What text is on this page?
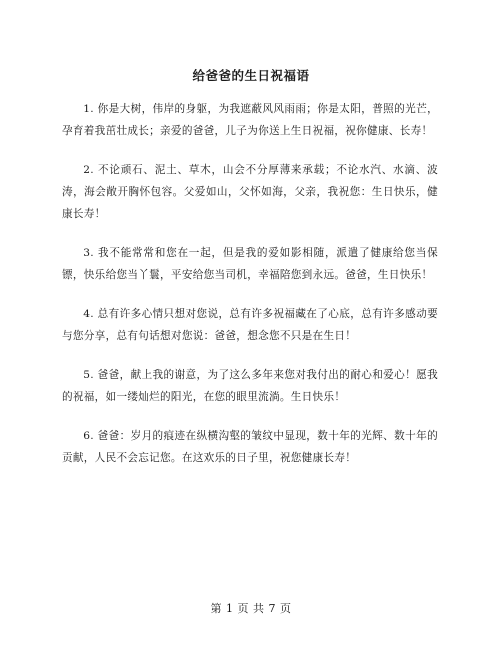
给爸爸的生日祝福语

1. 你是大树，伟岸的身躯，为我遮蔽风风雨雨；你是太阳，普照的光芒，孕育着我茁壮成长；亲爱的爸爸，儿子为你送上生日祝福，祝你健康、长寿！

2. 不论顽石、泥土、草木，山会不分厚薄来承载；不论水汽、水滴、波涛，海会敞开胸怀包容。父爱如山，父怀如海，父亲，我祝您：生日快乐，健康长寿！

3. 我不能常常和您在一起，但是我的爱如影相随，派遣了健康给您当保镖，快乐给您当丫鬟，平安给您当司机，幸福陪您到永远。爸爸，生日快乐！

4. 总有许多心情只想对您说，总有许多祝福藏在了心底，总有许多感动要与您分享，总有句话想对您说：爸爸，想念您不只是在生日！

5. 爸爸，献上我的谢意，为了这么多年来您对我付出的耐心和爱心！愿我的祝福，如一缕灿烂的阳光，在您的眼里流淌。生日快乐！

6. 爸爸：岁月的痕迹在纵横沟壑的皱纹中显现，数十年的光辉、数十年的贡献，人民不会忘记您。在这欢乐的日子里，祝您健康长寿！

第 1 页 共 7 页
